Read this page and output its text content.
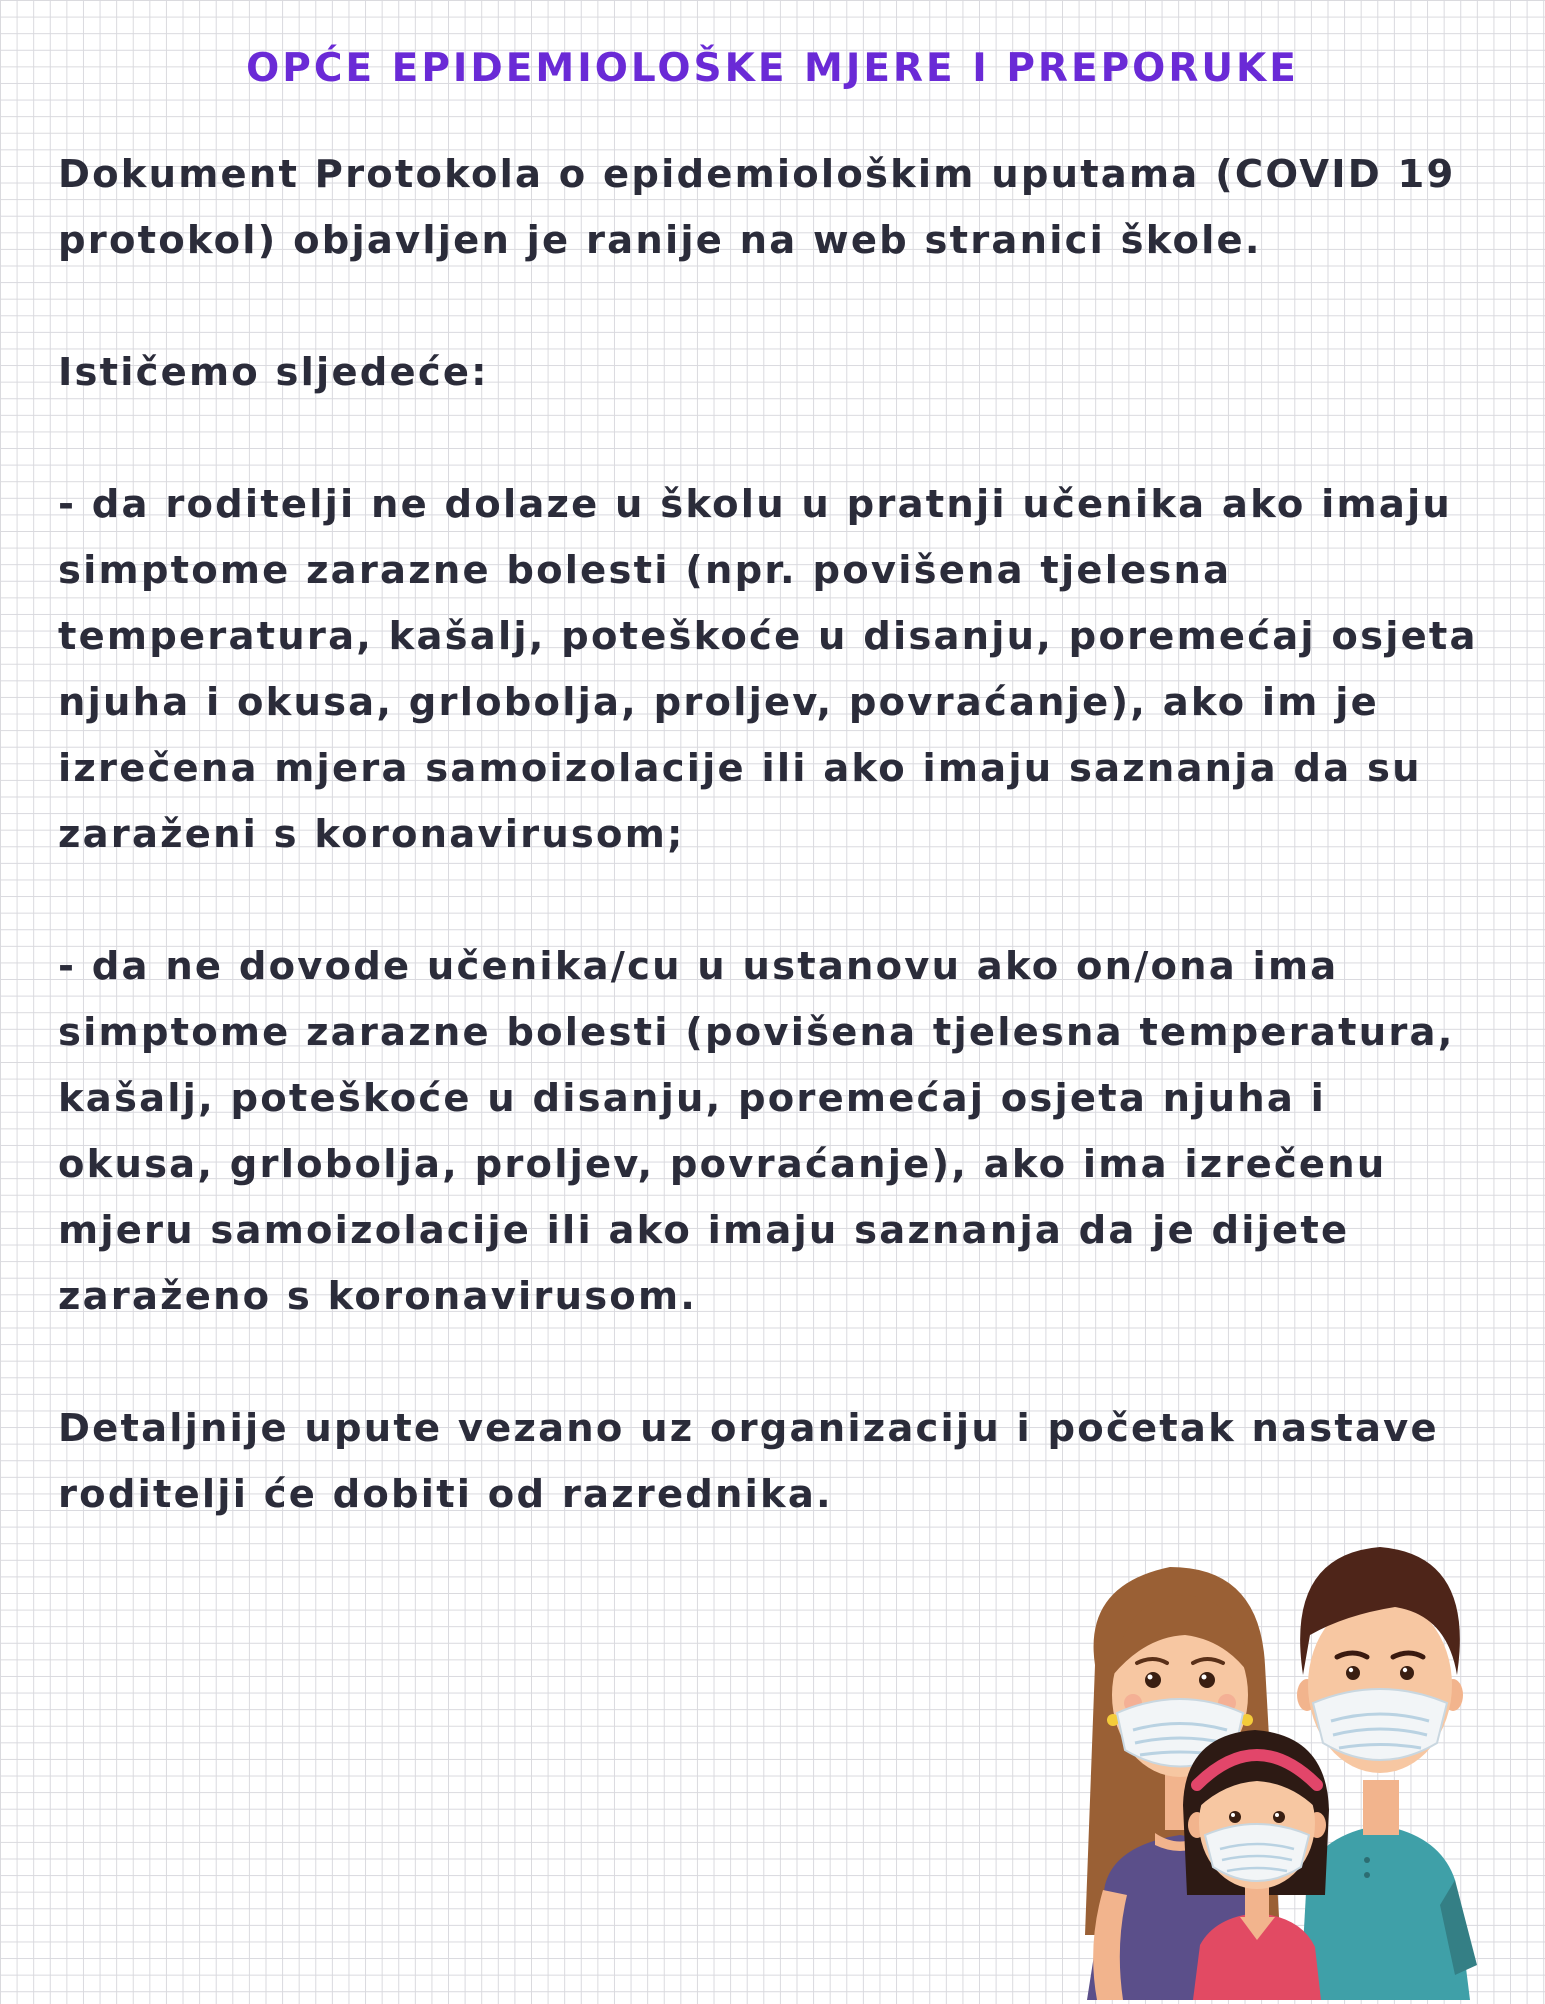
OPĆE EPIDEMIOLOŠKE MJERE I PREPORUKE

Dokument Protokola o epidemiološkim uputama (COVID 19
protokol) objavljen je ranije na web stranici škole.

Ističemo sljedeće:

- da roditelji ne dolaze u školu u pratnji učenika ako imaju
simptome zarazne bolesti (npr. povišena tjelesna
temperatura, kašalj, poteškoće u disanju, poremećaj osjeta
njuha i okusa, grlobolja, proljev, povraćanje), ako im je
izrečena mjera samoizolacije ili ako imaju saznanja da su
zaraženi s koronavirusom;

- da ne dovode učenika/cu u ustanovu ako on/ona ima
simptome zarazne bolesti (povišena tjelesna temperatura,
kašalj, poteškoće u disanju, poremećaj osjeta njuha i
okusa, grlobolja, proljev, povraćanje), ako ima izrečenu
mjeru samoizolacije ili ako imaju saznanja da je dijete
zaraženo s koronavirusom.

Detaljnije upute vezano uz organizaciju i početak nastave
roditelji će dobiti od razrednika.
